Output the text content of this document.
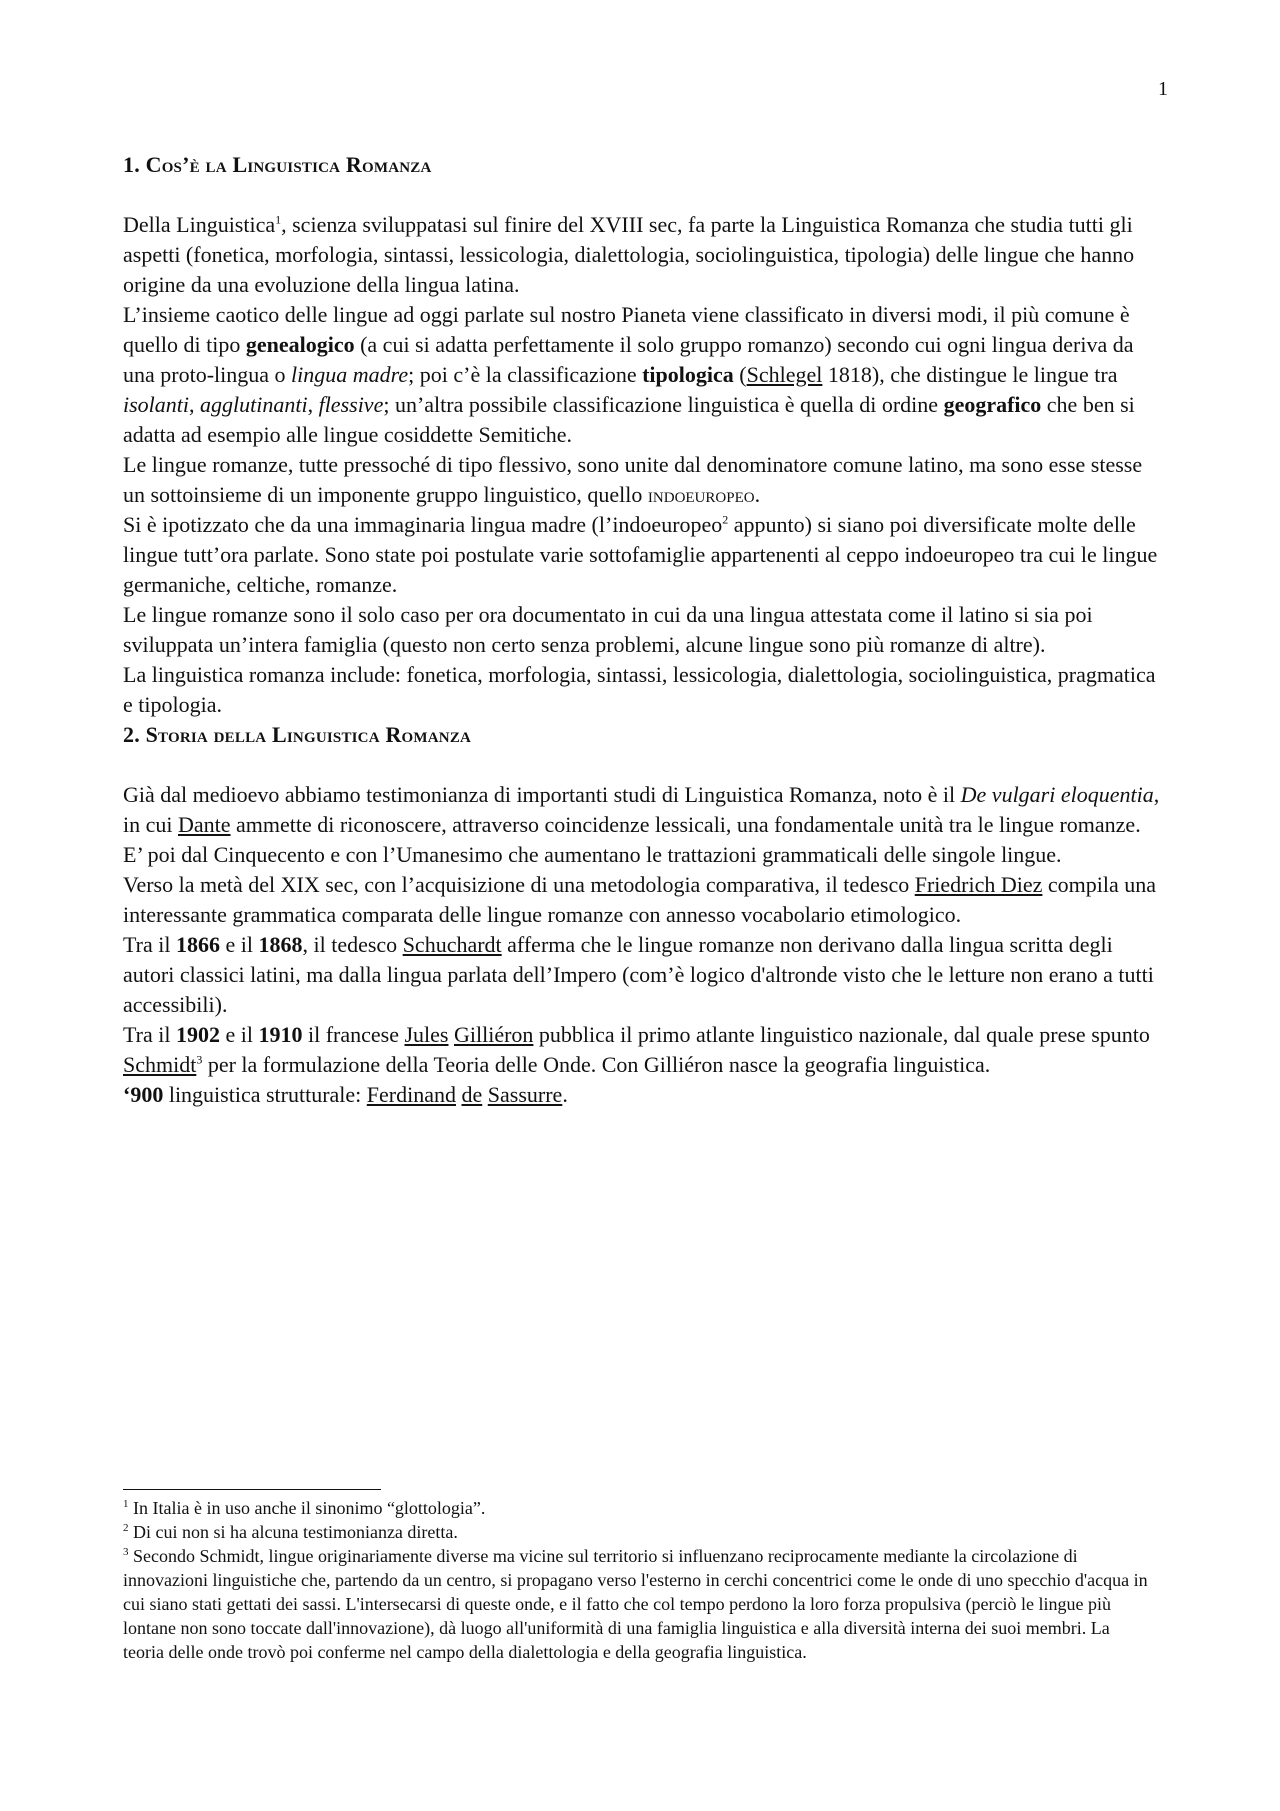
1
1. Cos’è la Linguistica Romanza

Della Linguistica$^1$, scienza sviluppatasi sul finire del XVIII sec, fa parte la Linguistica Romanza che studia tutti gli aspetti (fonetica, morfologia, sintassi, lessicologia, dialettologia, sociolinguistica, tipologia) delle lingue che hanno origine da una evoluzione della lingua latina.

L’insieme caotico delle lingue ad oggi parlate sul nostro Pianeta viene classificato in diversi modi, il più comune è quello di tipo genealogico (a cui si adatta perfettamente il solo gruppo romanzo) secondo cui ogni lingua deriva da una proto-lingua o lingua madre; poi c’è la classificazione tipologica (Schlegel 1818), che distingue le lingue tra isolanti, agglutinanti, flessive; un’altra possibile classificazione linguistica è quella di ordine geografico che ben si adatta ad esempio alle lingue cosiddette Semitiche.

Le lingue romanze, tutte pressoché di tipo flessivo, sono unite dal denominatore comune latino, ma sono esse stesse un sottoinsieme di un imponente gruppo linguistico, quello indoeuropeo.

Si è ipotizzato che da una immaginaria lingua madre (l’indoeuropeo$^2$ appunto) si siano poi diversificate molte delle lingue tutt’ora parlate. Sono state poi postulate varie sottofamiglie appartenenti al ceppo indoeuropeo tra cui le lingue germaniche, celtiche, romanze.

Le lingue romanze sono il solo caso per ora documentato in cui da una lingua attestata come il latino si sia poi sviluppata un’intera famiglia (questo non certo senza problemi, alcune lingue sono più romanze di altre).

La linguistica romanza include: fonetica, morfologia, sintassi, lessicologia, dialettologia, sociolinguistica, pragmatica e tipologia.

2. Storia della Linguistica Romanza

Già dal medioevo abbiamo testimonianza di importanti studi di Linguistica Romanza, noto è il De vulgari eloquentia, in cui Dante ammette di riconoscere, attraverso coincidenze lessicali, una fondamentale unità tra le lingue romanze.

E’ poi dal Cinquecento e con l’Umanesimo che aumentano le trattazioni grammaticali delle singole lingue.

Verso la metà del XIX sec, con l’acquisizione di una metodologia comparativa, il tedesco Friedrich Diez compila una interessante grammatica comparata delle lingue romanze con annesso vocabolario etimologico.

Tra il 1866 e il 1868, il tedesco Schuchardt afferma che le lingue romanze non derivano dalla lingua scritta degli autori classici latini, ma dalla lingua parlata dell’Impero (com’è logico d'altronde visto che le letture non erano a tutti accessibili).

Tra il 1902 e il 1910 il francese Jules Gilliéron pubblica il primo atlante linguistico nazionale, dal quale prese spunto Schmidt$^3$ per la formulazione della Teoria delle Onde. Con Gilliéron nasce la geografia linguistica.

‘900 linguistica strutturale: Ferdinand de Sassurre.

$^1$ In Italia è in uso anche il sinonimo “glottologia”.

$^2$ Di cui non si ha alcuna testimonianza diretta.

$^3$ Secondo Schmidt, lingue originariamente diverse ma vicine sul territorio si influenzano reciprocamente mediante la circolazione di innovazioni linguistiche che, partendo da un centro, si propagano verso l'esterno in cerchi concentrici come le onde di uno specchio d'acqua in cui siano stati gettati dei sassi. L'intersecarsi di queste onde, e il fatto che col tempo perdono la loro forza propulsiva (perciò le lingue più lontane non sono toccate dall'innovazione), dà luogo all'uniformità di una famiglia linguistica e alla diversità interna dei suoi membri. La teoria delle onde trovò poi conferme nel campo della dialettologia e della geografia linguistica.
